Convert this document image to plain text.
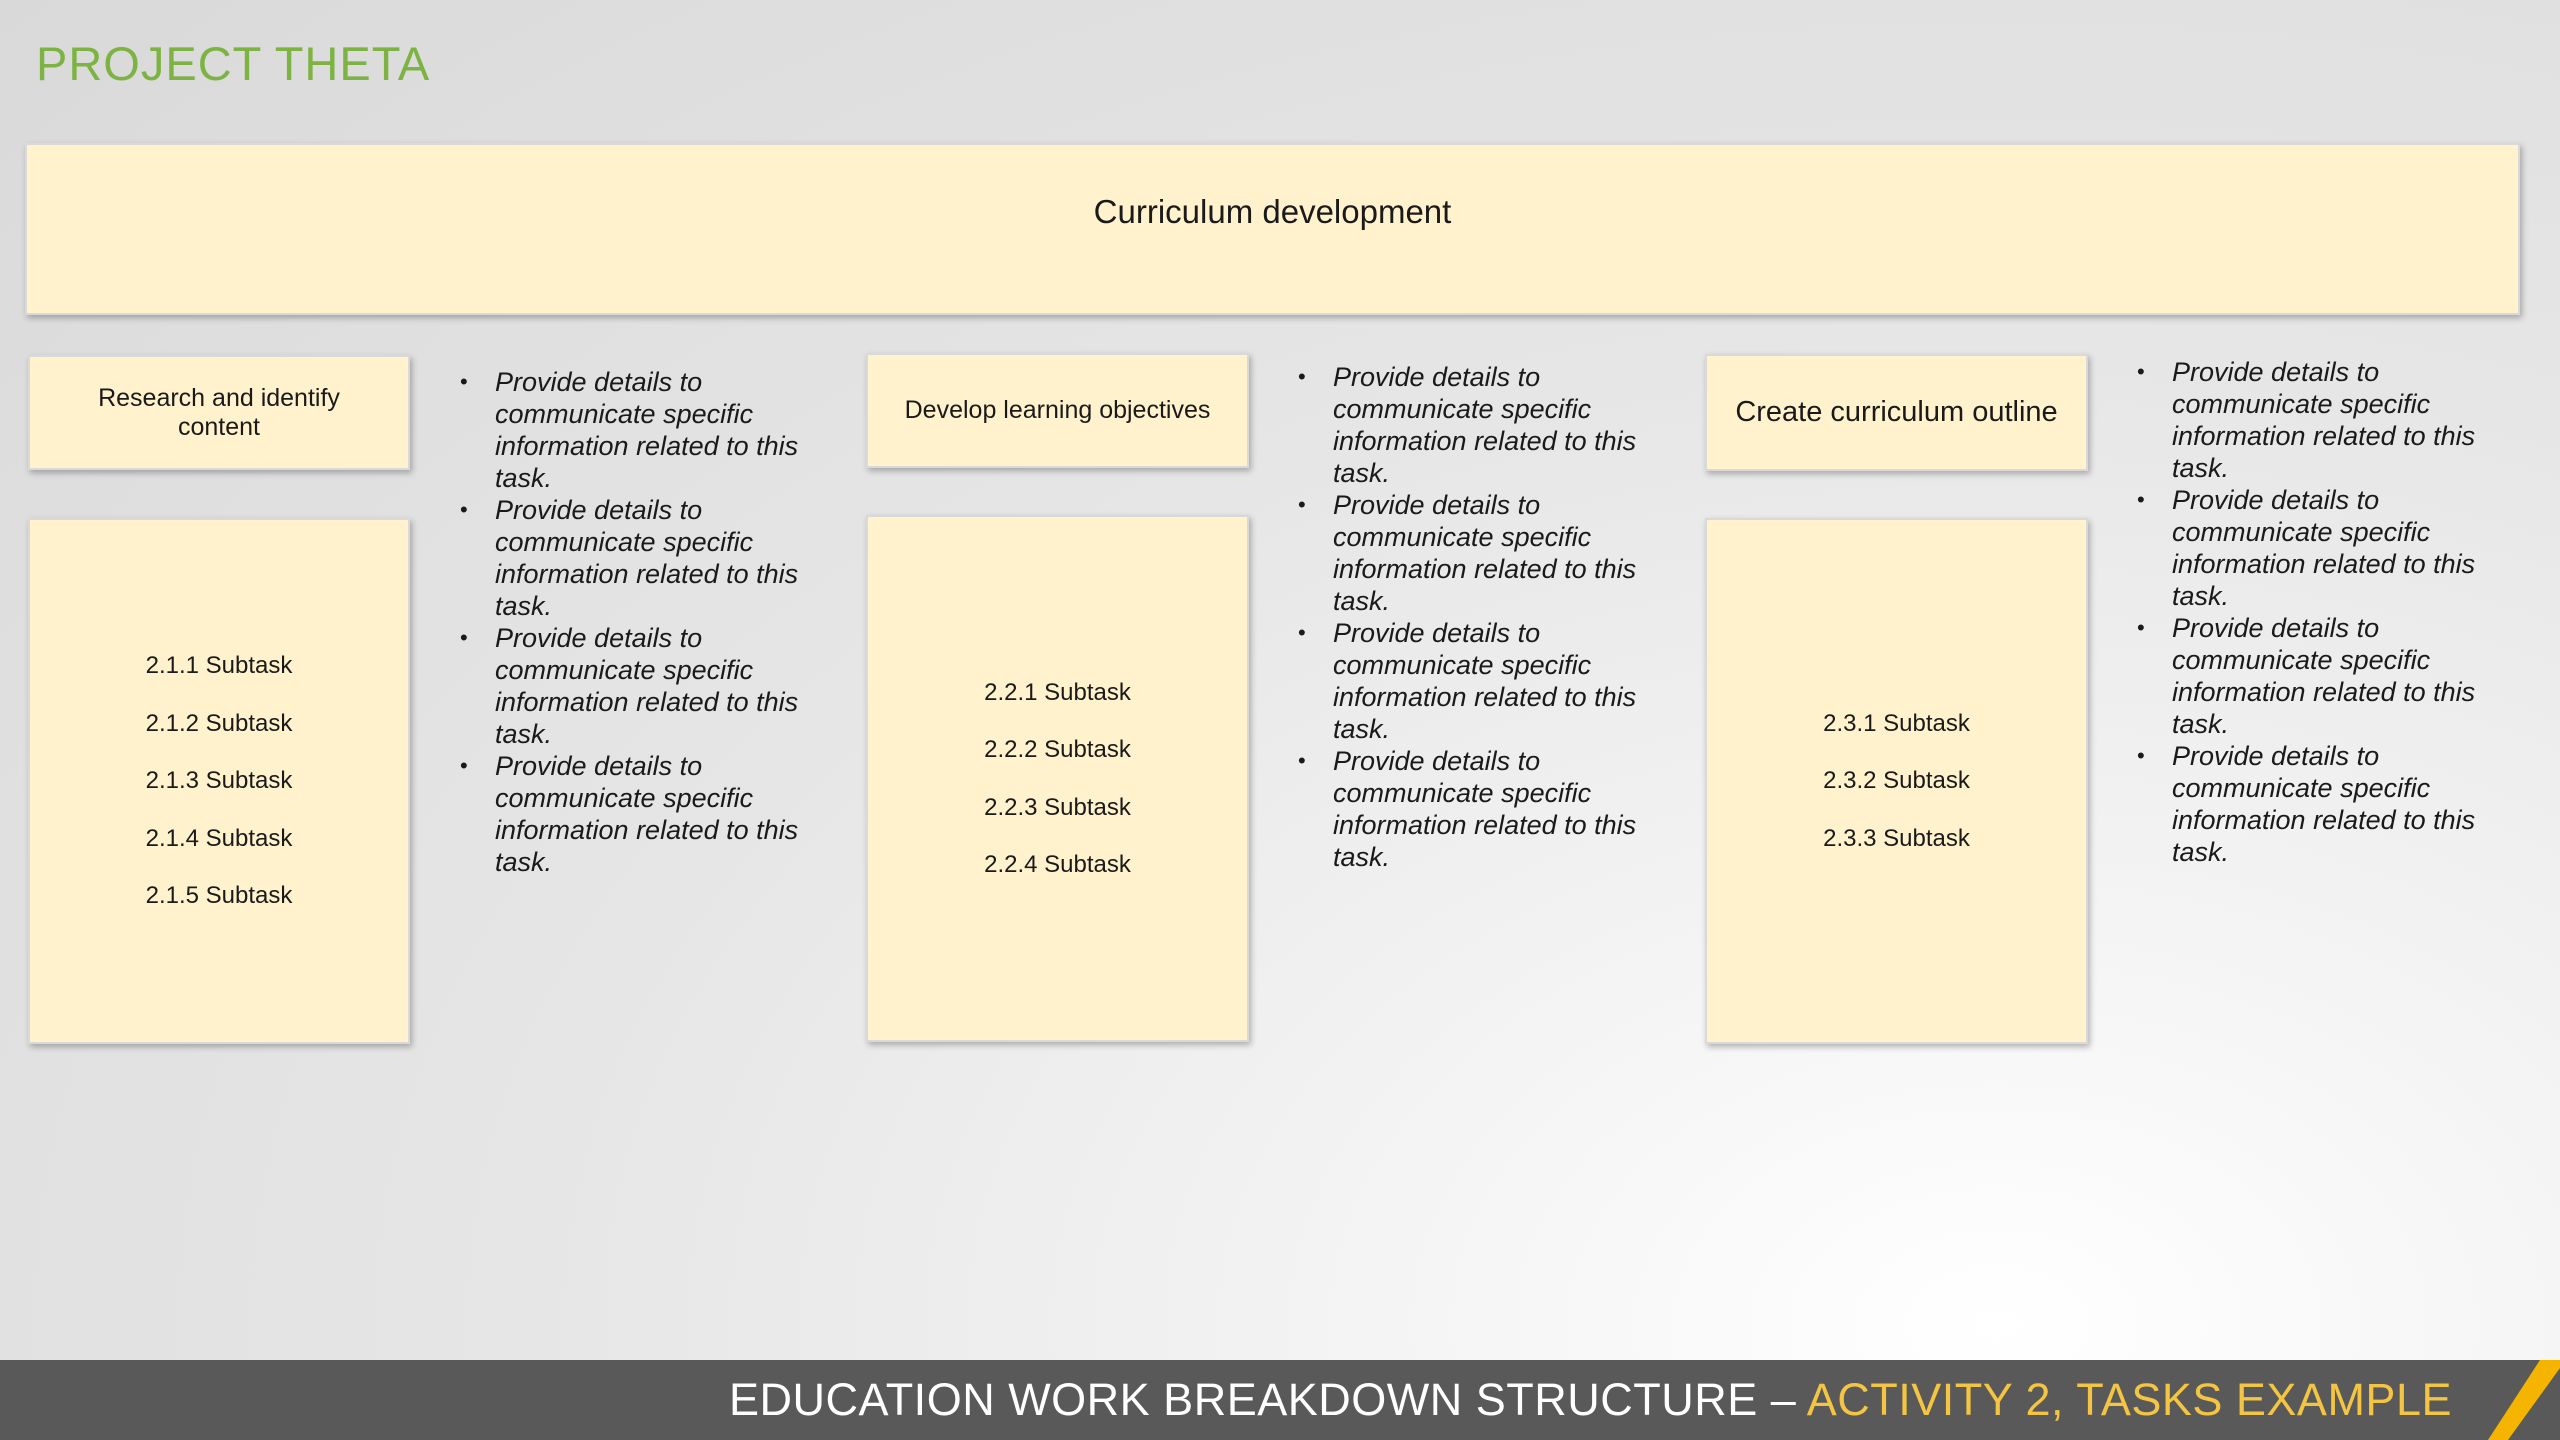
PROJECT THETA
Curriculum development
Research and identify content
2.1.1 Subtask
2.1.2 Subtask
2.1.3 Subtask
2.1.4 Subtask
2.1.5 Subtask
• Provide details to communicate specific information related to this task.
• Provide details to communicate specific information related to this task.
• Provide details to communicate specific information related to this task.
• Provide details to communicate specific information related to this task.
Develop learning objectives
2.2.1 Subtask
2.2.2 Subtask
2.2.3 Subtask
2.2.4 Subtask
• Provide details to communicate specific information related to this task.
• Provide details to communicate specific information related to this task.
• Provide details to communicate specific information related to this task.
• Provide details to communicate specific information related to this task.
Create curriculum outline
2.3.1 Subtask
2.3.2 Subtask
2.3.3 Subtask
• Provide details to communicate specific information related to this task.
• Provide details to communicate specific information related to this task.
• Provide details to communicate specific information related to this task.
• Provide details to communicate specific information related to this task.
EDUCATION WORK BREAKDOWN STRUCTURE – ACTIVITY 2, TASKS EXAMPLE
